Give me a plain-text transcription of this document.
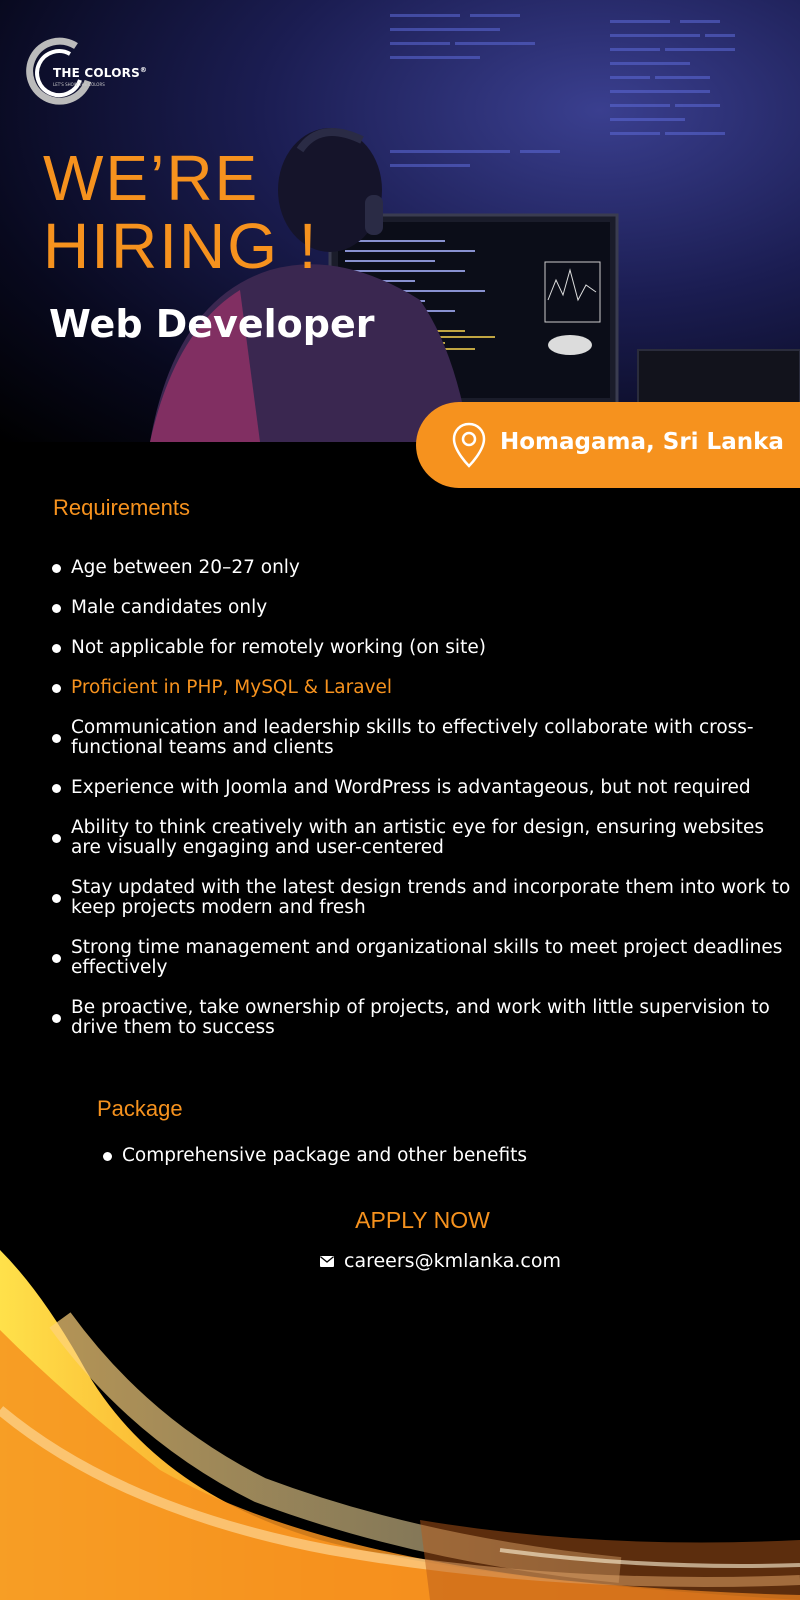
THE COLORS®
LET'S SHOW THE COLORS
WE’RE
HIRING !
Web Developer
Homagama, Sri Lanka
Requirements
Age between 20–27 only
Male candidates only
Not applicable for remotely working (on site)
Proficient in PHP, MySQL & Laravel
Communication and leadership skills to effectively collaborate with cross-functional teams and clients
Experience with Joomla and WordPress is advantageous, but not required
Ability to think creatively with an artistic eye for design, ensuring websites are visually engaging and user-centered
Stay updated with the latest design trends and incorporate them into work to keep projects modern and fresh
Strong time management and organizational skills to meet project deadlines effectively
Be proactive, take ownership of projects, and work with little supervision to drive them to success
Package
Comprehensive package and other benefits
APPLY NOW
careers@kmlanka.com
